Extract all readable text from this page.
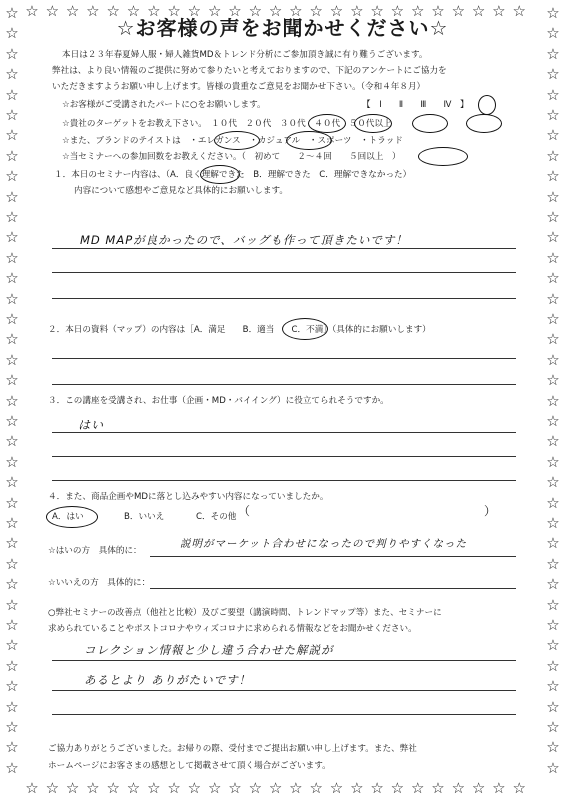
☆	☆
☆	☆
☆	☆
☆	☆
☆	☆
☆	☆
☆	☆
☆	☆
☆	☆
☆	☆
☆	☆
☆	☆
☆	☆
☆	☆
☆	☆
☆	☆
☆	☆
☆	☆
☆	☆
☆	☆
☆	☆
☆	☆
☆	☆
☆	☆
☆	☆
☆	☆
☆	☆
☆	☆
☆	☆
☆	☆
☆	☆
☆	☆
☆	☆
☆	☆
☆	☆
☆	☆
☆	☆
☆	☆
☆
☆
☆
☆
☆
☆
☆
☆
☆
☆
☆
☆
☆
☆
☆
☆
☆
☆
☆
☆
☆
☆
☆
☆
☆
☆
☆
☆
☆
☆
☆
☆
☆
☆
☆
☆
☆
☆
☆
☆
☆
☆
☆
☆
☆
☆
☆
☆
☆
☆
☆お客様の声をお聞かせください☆
本日は２３年春夏婦人服・婦人雑貨MD＆トレンド分析にご参加頂き誠に有り難うございます。
弊社は、より良い情報のご提供に努めて参りたいと考えておりますので、下記のアンケートにご協力を
いただきますようお願い申し上げます。皆様の貴重なご意見をお聞かせ下さい。（令和４年８月）
☆お客様がご受講されたパートに○をお願いします。	【　Ⅰ　　Ⅱ　　Ⅲ　　Ⅳ　】
☆貴社のターゲットをお教え下さい。　１０代　２０代　３０代　４０代　５０代以上
☆また、ブランドのテイストは　・エレガンス　・カジュアル　・スポーツ　・トラッド
☆当セミナーへの参加回数をお教えください。（　初めて　　２～４回　　５回以上　）
１．本日のセミナー内容は、（A．良く理解できた　B．理解できた　C．理解できなかった）
内容について感想やご意見など具体的にお願いします。
MD MAPが良かったので、バッグも作って頂きたいです！
２．本日の資料（マップ）の内容は［A．満足　　B．適当　　C．不満］（具体的にお願いします）
３．この講座を受講され、お仕事（企画・MD・バイイング）に役立てられそうですか。
はい
４．また、商品企画やMDに落とし込みやすい内容になっていましたか。
A．はい	B．いいえ	C．その他 （	）
☆はいの方　具体的に：
説明がマーケット合わせになったので判りやすくなった
☆いいえの方　具体的に：
○弊社セミナーの改善点（他社と比較）及びご要望（講演時間、トレンドマップ等）また、セミナーに
求められていることやポストコロナやウィズコロナに求められる情報などをお聞かせください。
コレクション情報と少し違う合わせた解説が
あるとより ありがたいです！
ご協力ありがとうございました。お帰りの際、受付までご提出お願い申し上げます。また、弊社
ホームページにお客さまの感想として掲載させて頂く場合がございます。
